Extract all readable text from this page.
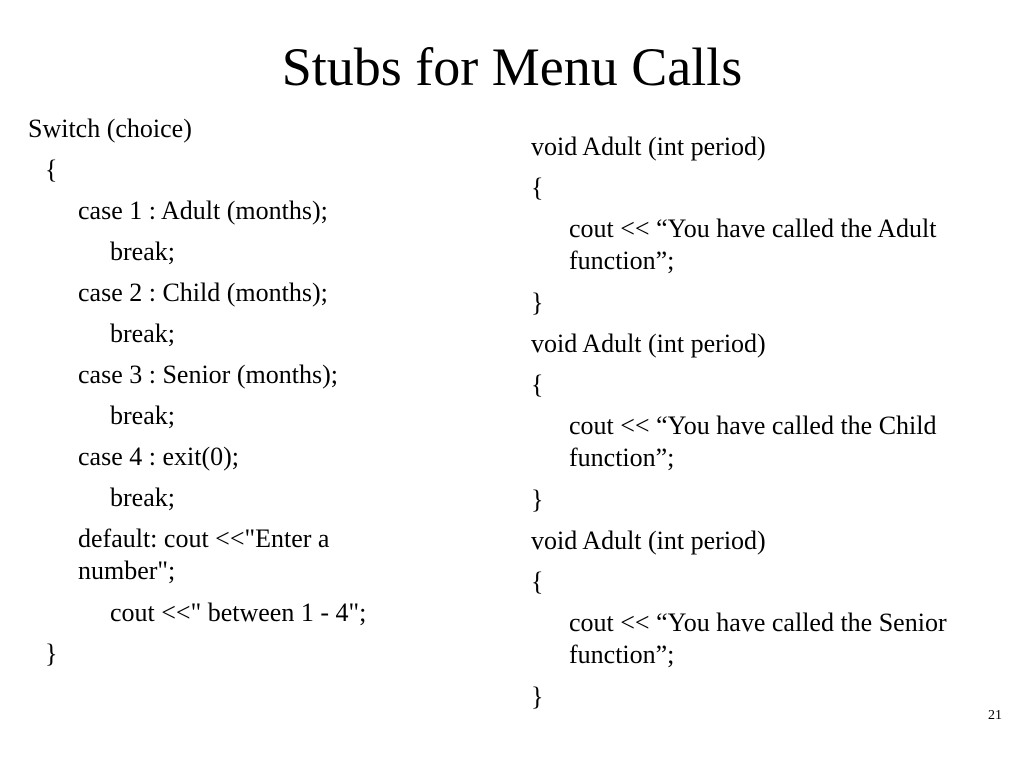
Stubs for Menu Calls
Switch (choice)
{
case 1 : Adult (months);
break;
case 2 : Child (months);
break;
case 3 : Senior (months);
break;
case 4 : exit(0);
break;
default: cout <<"Enter a number";
cout <<" between 1 - 4";
}
void Adult (int period)
{
cout << “You have called the Adult function”;
}
void Adult (int period)
{
cout << “You have called the Child function”;
}
void Adult (int period)
{
cout << “You have called the Senior function”;
}
21
